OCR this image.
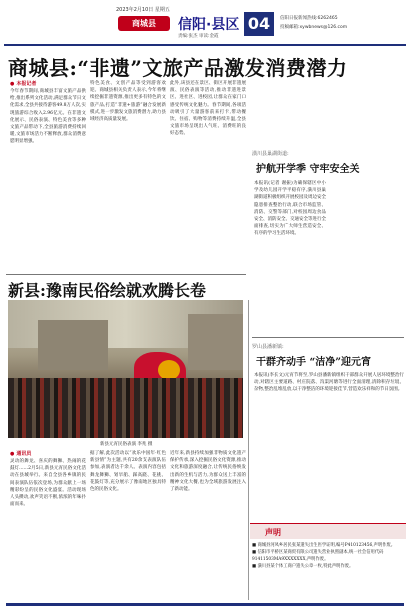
2023年2月10日 星期五
商城县	信阳·县区 04
责编:张杰 审读:金霞
信阳日报新闻热线:6262465
投稿邮箱:xywbnews@126.com
商城县:“非遗”文旅产品激发消费潜力
● 本报记者
今年春节期间,商城县丰富文旅产品供给,推出系列文化活动,满足群众节日文化需求,全县共接待游客49.8万人次,实现旅游综合收入2.96亿元。在非遗文化展示、民俗表演、特色美食等多种文旅产品带动下,全县旅游消费持续回暖,文旅市场活力不断释放,群众消费意愿明显增强。
特色美食、文创产品等受到游客欢迎。商城县相关负责人表示,今年将继续挖掘非遗资源,推出更多有特色的文旅产品,打造“非遗+旅游”融合发展新模式,进一步激发文旅消费潜力,助力县域经济高质量发展。
此外,该县还在景区、街区开展非遗展演、民俗表演等活动,推动非遗进景区、进社区、进校园,让群众在家门口感受传统文化魅力。春节期间,各项活动吸引了大量游客前来打卡,带动餐饮、住宿、购物等消费持续升温,全县文旅市场呈现出人气旺、消费旺的良好态势。
新县:豫南民俗绘就欢腾长卷
新县元宵民俗表演 李兆 摄
● 通讯员
灵动的舞龙、喜庆的舞狮、热闹的花鼓灯……2月5日,新县元宵民俗文化活动在县城举行。来自全县各乡镇的民间表演队伍依次登场,为群众献上一场精彩纷呈的民俗文化盛宴。活动现场人头攒动,欢声笑语不断,浓浓的年味扑面而来。
据了解,此次活动以“欢乐中国年·红色新县情”为主题,共有20余支表演队伍参加,表演者达千余人。表演内容包括舞龙舞狮、划旱船、踩高跷、花挑、花鼓灯等,充分展示了豫南地区独具特色的民俗文化。
近年来,新县持续加强非物质文化遗产保护传承,深入挖掘民俗文化资源,推动文化和旅游深度融合,让传统民俗焕发出新的生机与活力,为群众送上丰富的精神文化大餐,也为全域旅游发展注入了新动能。
潢川县巢湖街道:
护航开学季 守牢安全关
本报讯(记者 谢振)为确保辖区中小学及幼儿园开学平稳有序,潢川县巢湖街道积极组织开展校园及周边安全隐患排查整治行动,联合市场监管、消防、交警等部门,对校园周边食品安全、消防安全、交通安全等进行全面排查,切实为广大师生营造安全、有序的学习生活环境。
罗山县潘新镇:
干群齐动手 “洁净”迎元宵
本报讯(李长文)元宵节将至,罗山县潘新镇组织干部群众开展人居环境整治行动,对辖区主要道路、村庄院落、沟渠河塘等进行全面清理,清除积存垃圾、杂物,整治乱堆乱放,以干净整洁的环境迎接佳节,营造欢乐祥和的节日氛围。
声明

■ 商城县河凤乡居民张某遗失出生医学证明,编号P410123456,声明作废。

■ 信阳市平桥区某商贸有限公司遗失营业执照副本,统一社会信用代码91411503MA9XXXXXXX,声明作废。

■ 潢川县某个体工商户遗失公章一枚,特此声明作废。
